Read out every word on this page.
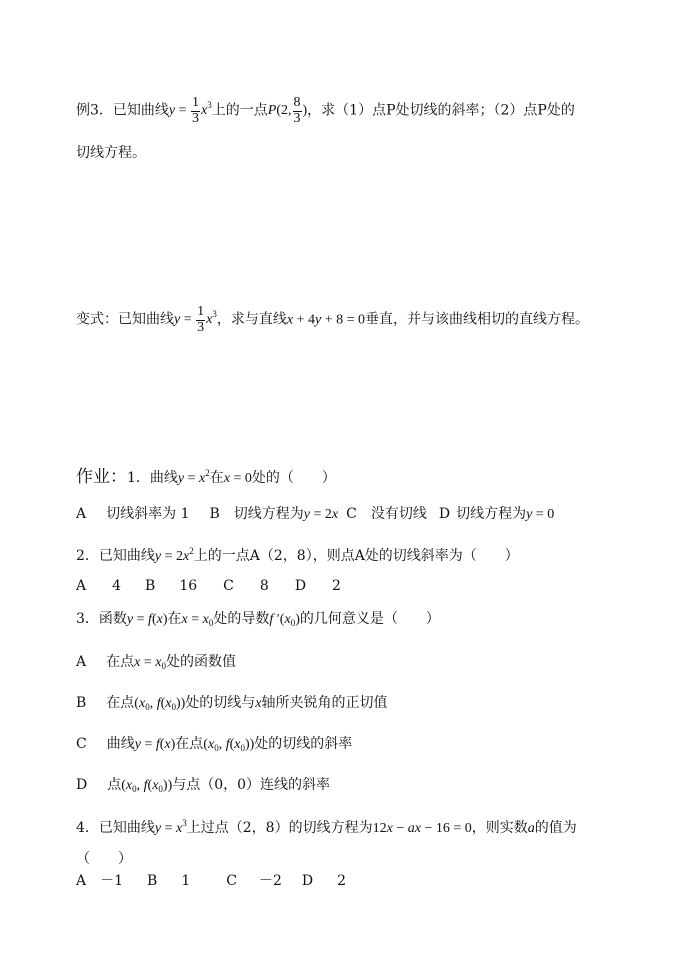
例3．已知曲线$y = \frac{1}{3} x^3$上的一点P(2, $\frac{8}{3}$ )，求（1）点P处切线的斜率；（2）点P处的
切线方程。
变式：已知曲线$y = \frac{1}{3} x^3$，求与直线x + 4y + 8 = 0垂直，并与该曲线相切的直线方程。
作业：1．曲线$y = x^2$在x = 0处的（　　）
A 切线斜率为 1 B 切线方程为y = 2x C 没有切线 D 切线方程为y = 0
2．已知曲线$y = 2x^2$上的一点A（2，8），则点A处的切线斜率为（　　）
A 4 B 16 C 8 D 2
3．函数y = f(x)在$x = x_0$处的导数f $'(x_0)$的几何意义是（　　）
A 在点$x = x_0$处的函数值
B 在点($x_0$, $f(x_0)$)处的切线与x轴所夹锐角的正切值
C 曲线y = f(x)在点($x_0$, $f(x_0)$)处的切线的斜率
D 点($x_0$, $f(x_0)$)与点（0，0）连线的斜率
4．已知曲线$y = x^3$上过点（2，8）的切线方程为12x − ax − 16 = 0，则实数a的值为
（　　）
A －1 B 1	C －2 D 2
